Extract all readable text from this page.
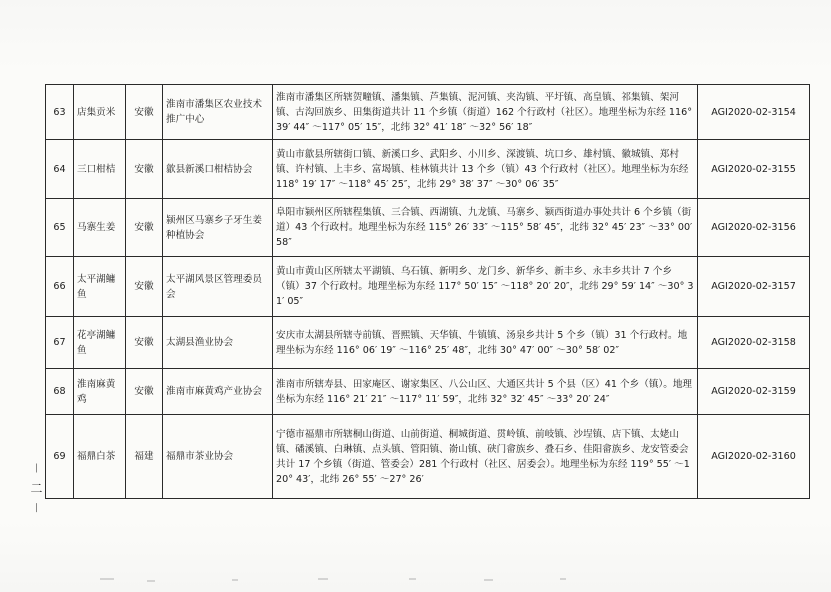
63	店集贡米	安徽	淮南市潘集区农业技术推广中心	淮南市潘集区所辖贺疃镇、潘集镇、芦集镇、泥河镇、夹沟镇、平圩镇、高皇镇、祁集镇、架河镇、古沟回族乡、田集街道共计 11 个乡镇（街道）162 个行政村（社区）。地理坐标为东经 116° 39′ 44″ ～117° 05′ 15″，北纬 32° 41′ 18″ ～32° 56′ 18″	AGI2020-02-3154
64	三口柑桔	安徽	歙县新溪口柑桔协会	黄山市歙县所辖街口镇、新溪口乡、武阳乡、小川乡、深渡镇、坑口乡、雄村镇、徽城镇、郑村镇、许村镇、上丰乡、富堨镇、桂林镇共计 13 个乡（镇）43 个行政村（社区）。地理坐标为东经 118° 19′ 17″ ～118° 45′ 25″，北纬 29° 38′ 37″ ～30° 06′ 35″	AGI2020-02-3155
65	马寨生姜	安徽	颍州区马寨乡子牙生姜种植协会	阜阳市颍州区所辖程集镇、三合镇、西湖镇、九龙镇、马寨乡、颍西街道办事处共计 6 个乡镇（街道）43 个行政村。地理坐标为东经 115° 26′ 33″ ～115° 58′ 45″，北纬 32° 45′ 23″ ～33° 00′ 58″	AGI2020-02-3156
66	太平湖鳙鱼	安徽	太平湖风景区管理委员会	黄山市黄山区所辖太平湖镇、乌石镇、新明乡、龙门乡、新华乡、新丰乡、永丰乡共计 7 个乡（镇）37 个行政村。地理坐标为东经 117° 50′ 15″ ～118° 20′ 20″，北纬 29° 59′ 14″ ～30° 31′ 05″	AGI2020-02-3157
67	花亭湖鳙鱼	安徽	太湖县渔业协会	安庆市太湖县所辖寺前镇、晋熙镇、天华镇、牛镇镇、汤泉乡共计 5 个乡（镇）31 个行政村。地理坐标为东经 116° 06′ 19″ ～116° 25′ 48″，北纬 30° 47′ 00″ ～30° 58′ 02″	AGI2020-02-3158
68	淮南麻黄鸡	安徽	淮南市麻黄鸡产业协会	淮南市所辖寿县、田家庵区、谢家集区、八公山区、大通区共计 5 个县（区）41 个乡（镇）。地理坐标为东经 116° 21′ 21″ ～117° 11′ 59″，北纬 32° 32′ 45″ ～33° 20′ 24″	AGI2020-02-3159
69	福鼎白茶	福建	福鼎市茶业协会	宁德市福鼎市所辖桐山街道、山前街道、桐城街道、贯岭镇、前岐镇、沙埕镇、店下镇、太姥山镇、磻溪镇、白琳镇、点头镇、管阳镇、嵛山镇、硖门畲族乡、叠石乡、佳阳畲族乡、龙安管委会共计 17 个乡镇（街道、管委会）281 个行政村（社区、居委会）。地理坐标为东经 119° 55′ ～120° 43′，北纬 26° 55′ ～27° 26′	AGI2020-02-3160
－ 二 －
